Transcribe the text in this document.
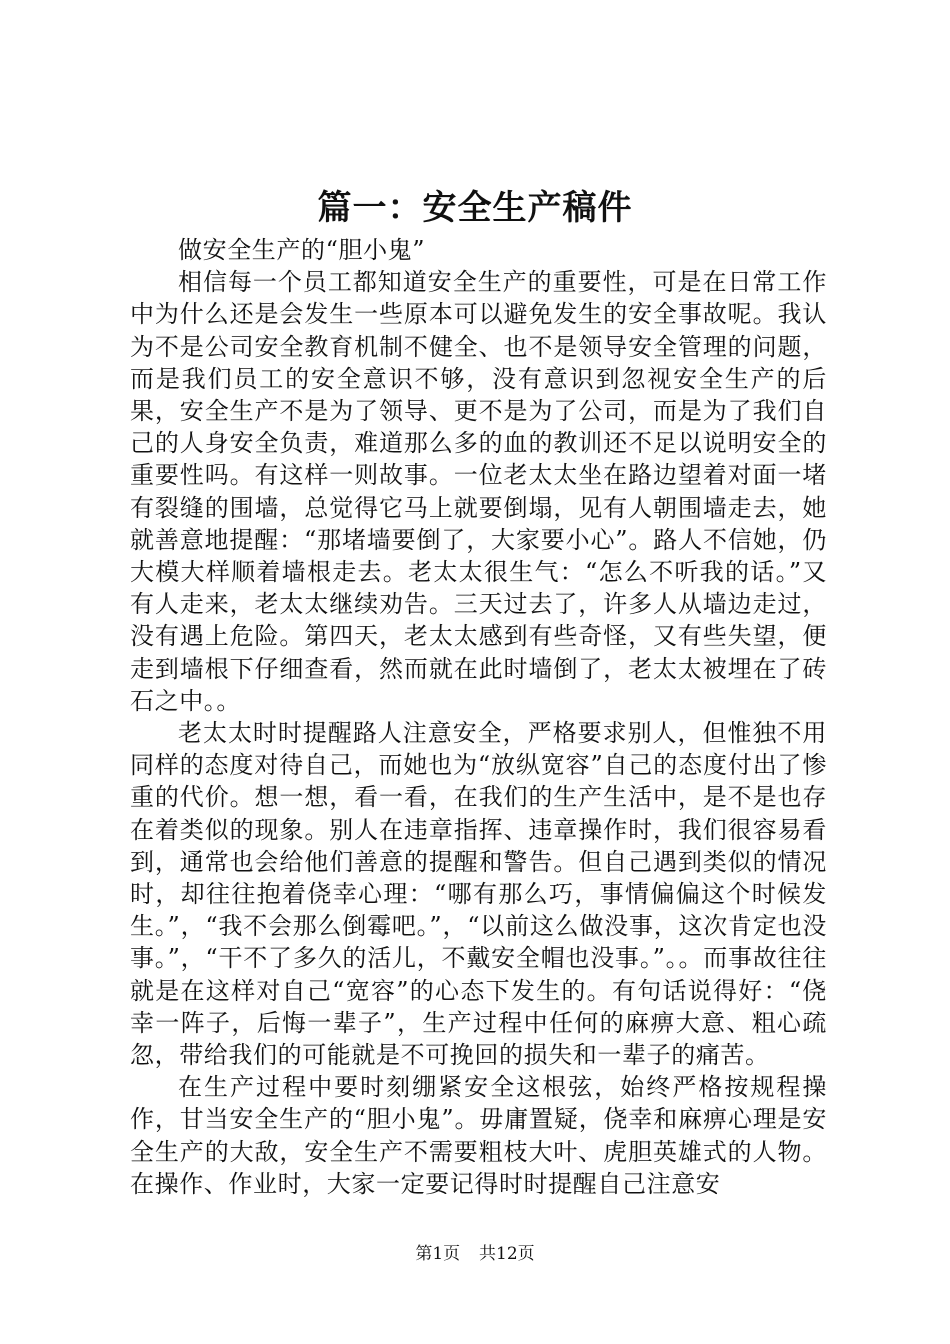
篇一：安全生产稿件

做安全生产的“胆小鬼”

相信每一个员工都知道安全生产的重要性，可是在日常工作中为什么还是会发生一些原本可以避免发生的安全事故呢。我认为不是公司安全教育机制不健全、也不是领导安全管理的问题，而是我们员工的安全意识不够，没有意识到忽视安全生产的后果，安全生产不是为了领导、更不是为了公司，而是为了我们自己的人身安全负责，难道那么多的血的教训还不足以说明安全的重要性吗。有这样一则故事。一位老太太坐在路边望着对面一堵有裂缝的围墙，总觉得它马上就要倒塌，见有人朝围墙走去，她就善意地提醒：“那堵墙要倒了，大家要小心”。路人不信她，仍大模大样顺着墙根走去。老太太很生气：“怎么不听我的话。”又有人走来，老太太继续劝告。三天过去了，许多人从墙边走过，没有遇上危险。第四天，老太太感到有些奇怪，又有些失望，便走到墙根下仔细查看，然而就在此时墙倒了，老太太被埋在了砖石之中。。

老太太时时提醒路人注意安全，严格要求别人，但惟独不用同样的态度对待自己，而她也为“放纵宽容”自己的态度付出了惨重的代价。想一想，看一看，在我们的生产生活中，是不是也存在着类似的现象。别人在违章指挥、违章操作时，我们很容易看到，通常也会给他们善意的提醒和警告。但自己遇到类似的情况时，却往往抱着侥幸心理：“哪有那么巧，事情偏偏这个时候发生。”，“我不会那么倒霉吧。”，“以前这么做没事，这次肯定也没事。”，“干不了多久的活儿，不戴安全帽也没事。”。。而事故往往就是在这样对自己“宽容”的心态下发生的。有句话说得好：“侥幸一阵子，后悔一辈子”，生产过程中任何的麻痹大意、粗心疏忽，带给我们的可能就是不可挽回的损失和一辈子的痛苦。

在生产过程中要时刻绷紧安全这根弦，始终严格按规程操作，甘当安全生产的“胆小鬼”。毋庸置疑，侥幸和麻痹心理是安全生产的大敌，安全生产不需要粗枝大叶、虎胆英雄式的人物。在操作、作业时，大家一定要记得时时提醒自己注意安

第1页 共12页
